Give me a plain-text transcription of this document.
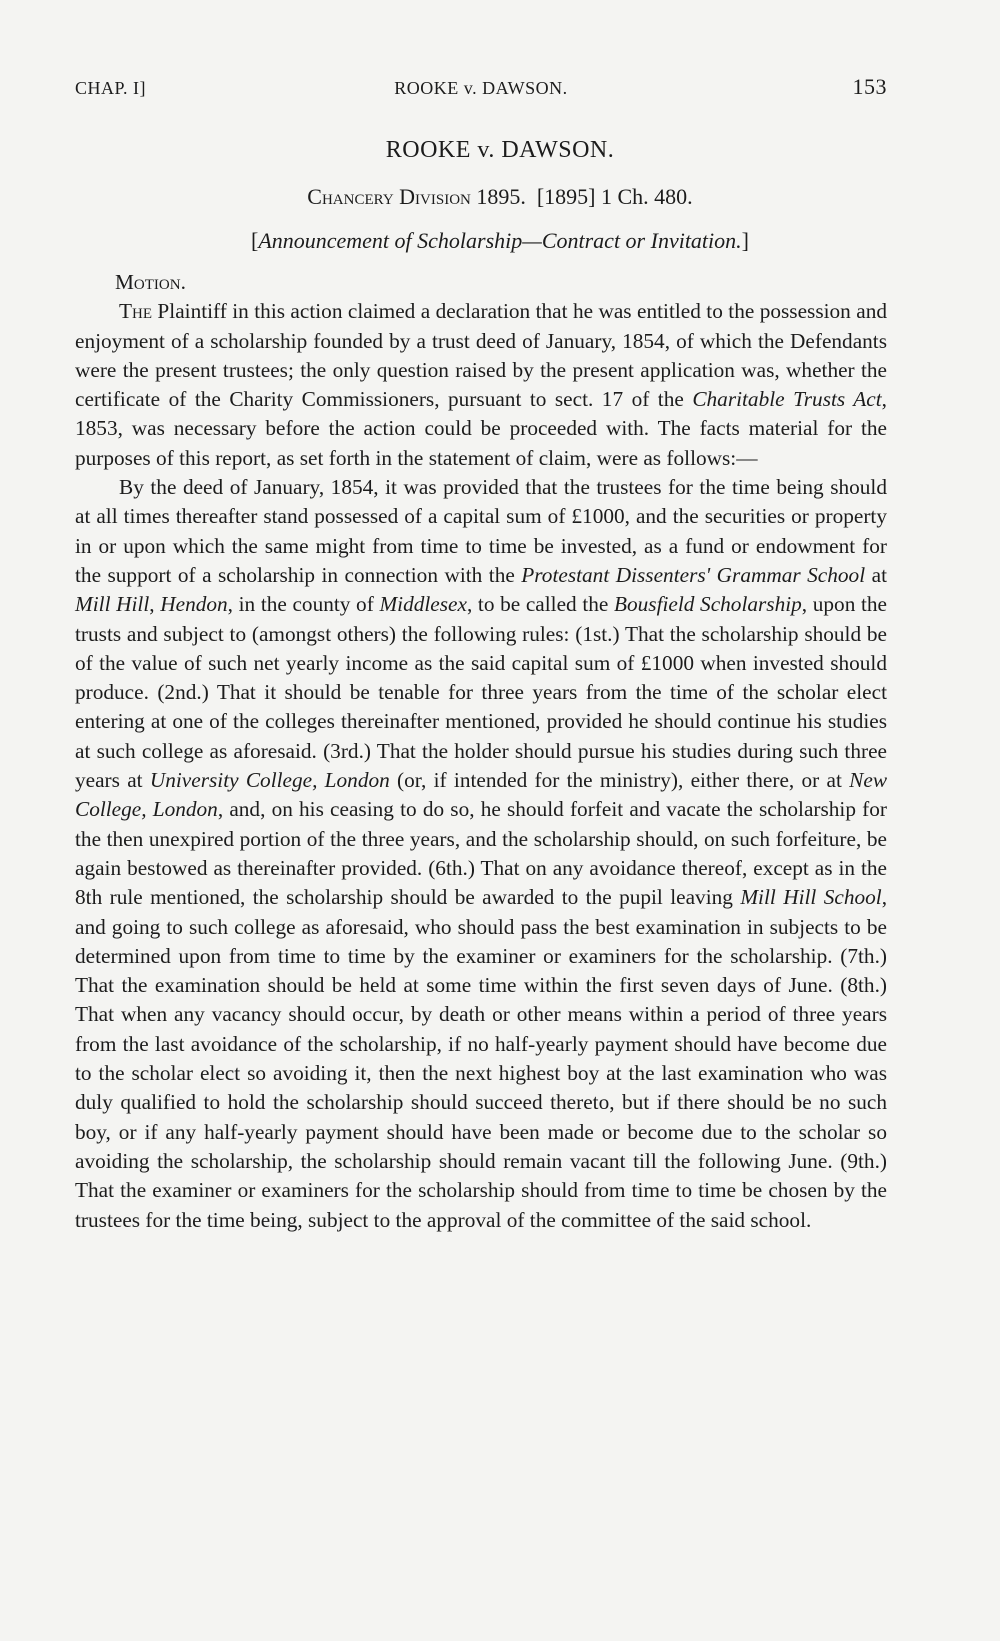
CHAP. I]	ROOKE v. DAWSON.	153
ROOKE v. DAWSON.
Chancery Division 1895. [1895] 1 Ch. 480.
[Announcement of Scholarship—Contract or Invitation.]

Motion.

The Plaintiff in this action claimed a declaration that he was entitled to the possession and enjoyment of a scholarship founded by a trust deed of January, 1854, of which the Defendants were the present trustees; the only question raised by the present application was, whether the certificate of the Charity Commissioners, pursuant to sect. 17 of the Charitable Trusts Act, 1853, was necessary before the action could be proceeded with. The facts material for the purposes of this report, as set forth in the statement of claim, were as follows:—

By the deed of January, 1854, it was provided that the trustees for the time being should at all times thereafter stand possessed of a capital sum of £1000, and the securities or property in or upon which the same might from time to time be invested, as a fund or endowment for the support of a scholarship in connection with the Protestant Dissenters' Grammar School at Mill Hill, Hendon, in the county of Middlesex, to be called the Bousfield Scholarship, upon the trusts and subject to (amongst others) the following rules: (1st.) That the scholarship should be of the value of such net yearly income as the said capital sum of £1000 when invested should produce. (2nd.) That it should be tenable for three years from the time of the scholar elect entering at one of the colleges thereinafter mentioned, provided he should continue his studies at such college as aforesaid. (3rd.) That the holder should pursue his studies during such three years at University College, London (or, if intended for the ministry), either there, or at New College, London, and, on his ceasing to do so, he should forfeit and vacate the scholarship for the then unexpired portion of the three years, and the scholarship should, on such forfeiture, be again bestowed as thereinafter provided. (6th.) That on any avoidance thereof, except as in the 8th rule mentioned, the scholarship should be awarded to the pupil leaving Mill Hill School, and going to such college as aforesaid, who should pass the best examination in subjects to be determined upon from time to time by the examiner or examiners for the scholarship. (7th.) That the examination should be held at some time within the first seven days of June. (8th.) That when any vacancy should occur, by death or other means within a period of three years from the last avoidance of the scholarship, if no half-yearly payment should have become due to the scholar elect so avoiding it, then the next highest boy at the last examination who was duly qualified to hold the scholarship should succeed thereto, but if there should be no such boy, or if any half-yearly payment should have been made or become due to the scholar so avoiding the scholarship, the scholarship should remain vacant till the following June. (9th.) That the examiner or examiners for the scholarship should from time to time be chosen by the trustees for the time being, subject to the approval of the committee of the said school.
